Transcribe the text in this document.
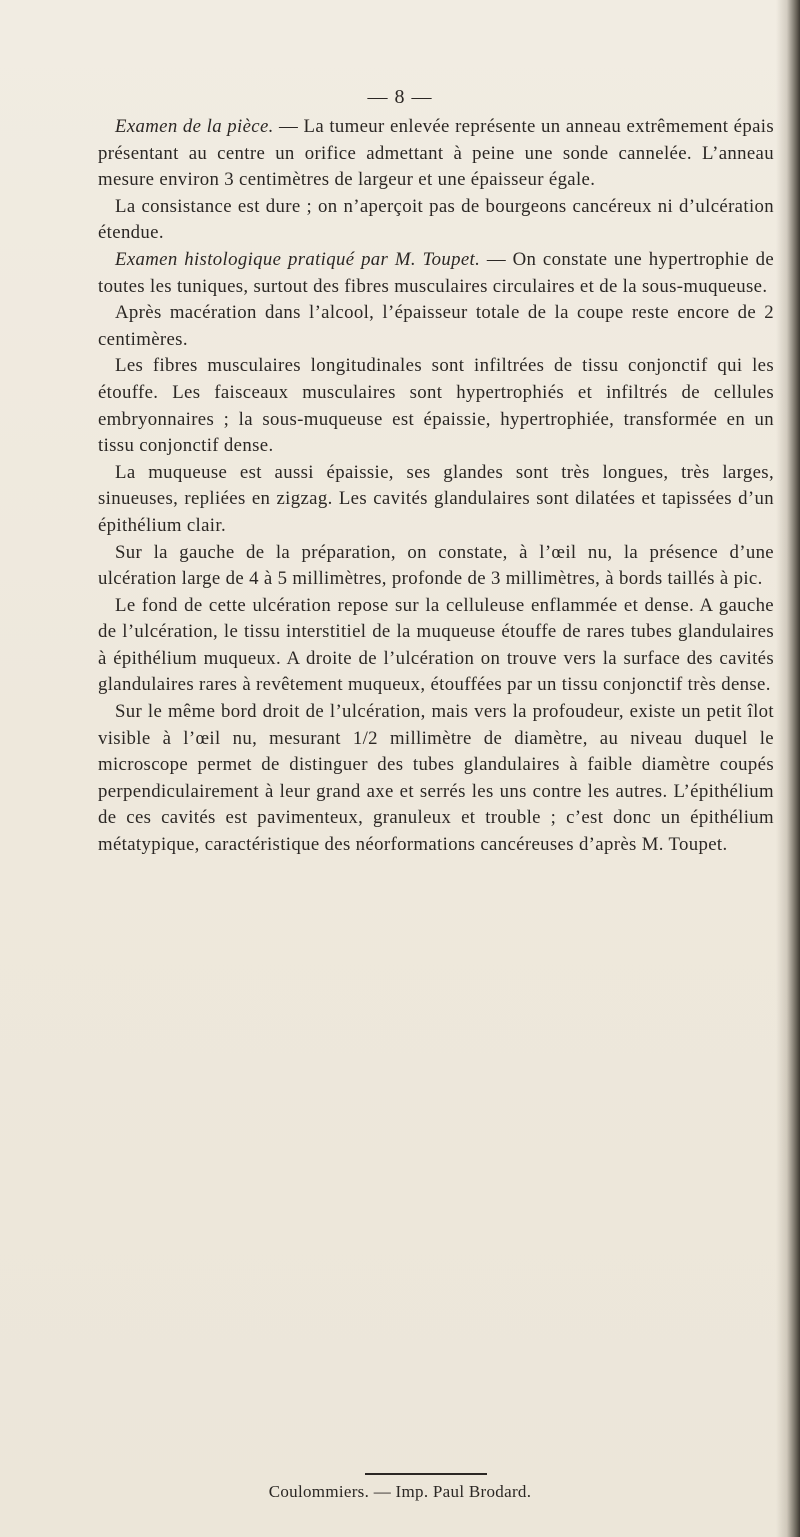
— 8 —

Examen de la pièce. — La tumeur enlevée représente un anneau extrêmement épais présentant au centre un orifice admettant à peine une sonde cannelée. L’anneau mesure environ 3 centimètres de largeur et une épaisseur égale.

La consistance est dure ; on n’aperçoit pas de bourgeons cancéreux ni d’ulcération étendue.

Examen histologique pratiqué par M. Toupet. — On constate une hypertrophie de toutes les tuniques, surtout des fibres musculaires circulaires et de la sous-muqueuse.

Après macération dans l’alcool, l’épaisseur totale de la coupe reste encore de 2 centimères.

Les fibres musculaires longitudinales sont infiltrées de tissu conjonctif qui les étouffe. Les faisceaux musculaires sont hypertrophiés et infiltrés de cellules embryonnaires ; la sous-muqueuse est épaissie, hypertrophiée, transformée en un tissu conjonctif dense.

La muqueuse est aussi épaissie, ses glandes sont très longues, très larges, sinueuses, repliées en zigzag. Les cavités glandulaires sont dilatées et tapissées d’un épithélium clair.

Sur la gauche de la préparation, on constate, à l’œil nu, la présence d’une ulcération large de 4 à 5 millimètres, profonde de 3 millimètres, à bords taillés à pic.

Le fond de cette ulcération repose sur la celluleuse enflammée et dense. A gauche de l’ulcération, le tissu interstitiel de la muqueuse étouffe de rares tubes glandulaires à épithélium muqueux. A droite de l’ulcération on trouve vers la surface des cavités glandulaires rares à revêtement muqueux, étouffées par un tissu conjonctif très dense.

Sur le même bord droit de l’ulcération, mais vers la profoudeur, existe un petit îlot visible à l’œil nu, mesurant 1/2 millimètre de diamètre, au niveau duquel le microscope permet de distinguer des tubes glandulaires à faible diamètre coupés perpendiculairement à leur grand axe et serrés les uns contre les autres. L’épithélium de ces cavités est pavimenteux, granuleux et trouble ; c’est donc un épithélium métatypique, caractéristique des néorformations cancéreuses d’après M. Toupet.

Coulommiers. — Imp. Paul Brodard.
